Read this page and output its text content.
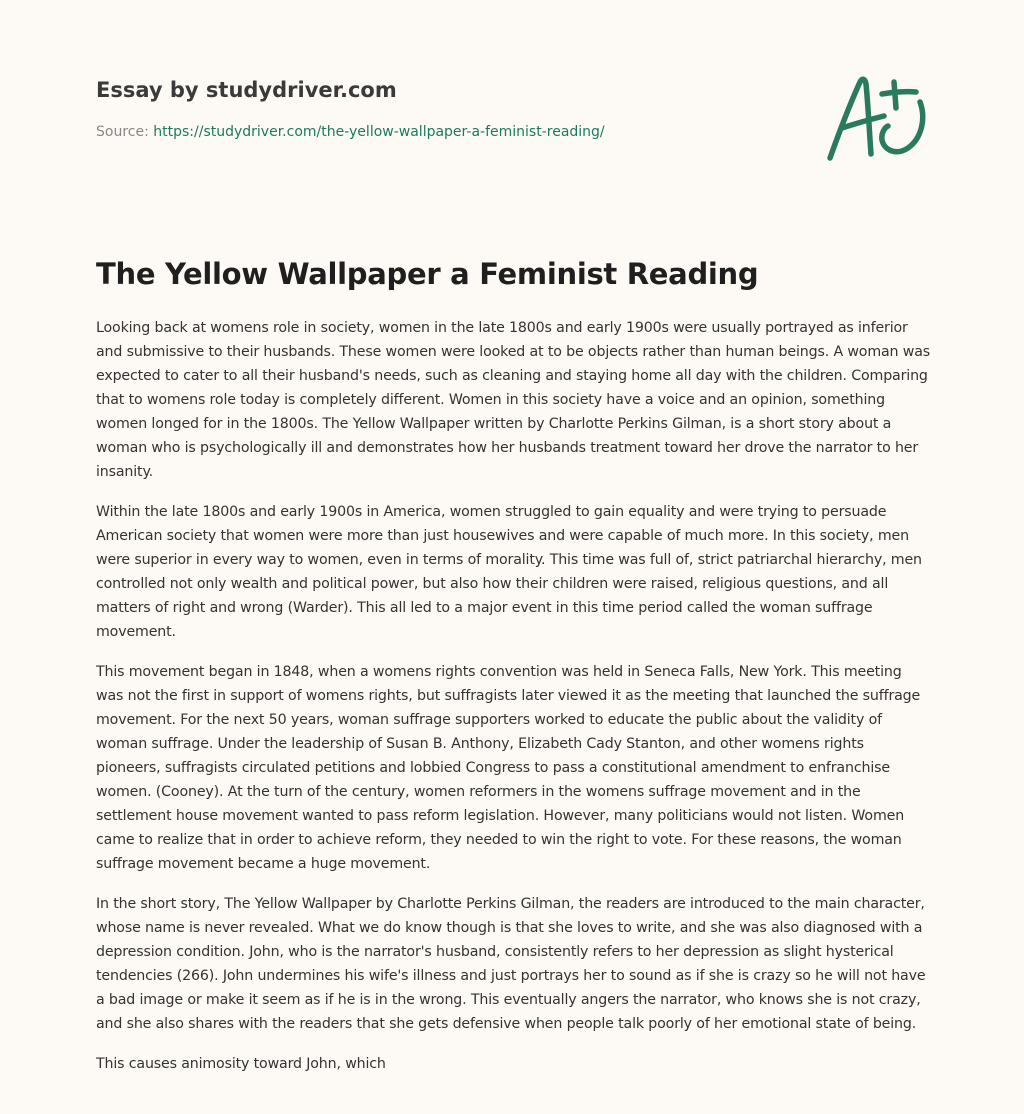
Essay by studydriver.com
Source: https://studydriver.com/the-yellow-wallpaper-a-feminist-reading/
The Yellow Wallpaper a Feminist Reading

Looking back at womens role in society, women in the late 1800s and early 1900s were usually portrayed as inferior and submissive to their husbands. These women were looked at to be objects rather than human beings. A woman was expected to cater to all their husband's needs, such as cleaning and staying home all day with the children. Comparing that to womens role today is completely different. Women in this society have a voice and an opinion, something women longed for in the 1800s. The Yellow Wallpaper written by Charlotte Perkins Gilman, is a short story about a woman who is psychologically ill and demonstrates how her husbands treatment toward her drove the narrator to her insanity.

Within the late 1800s and early 1900s in America, women struggled to gain equality and were trying to persuade American society that women were more than just housewives and were capable of much more. In this society, men were superior in every way to women, even in terms of morality. This time was full of, strict patriarchal hierarchy, men controlled not only wealth and political power, but also how their children were raised, religious questions, and all matters of right and wrong (Warder). This all led to a major event in this time period called the woman suffrage movement.

This movement began in 1848, when a womens rights convention was held in Seneca Falls, New York. This meeting was not the first in support of womens rights, but suffragists later viewed it as the meeting that launched the suffrage movement. For the next 50 years, woman suffrage supporters worked to educate the public about the validity of woman suffrage. Under the leadership of Susan B. Anthony, Elizabeth Cady Stanton, and other womens rights pioneers, suffragists circulated petitions and lobbied Congress to pass a constitutional amendment to enfranchise women. (Cooney). At the turn of the century, women reformers in the womens suffrage movement and in the settlement house movement wanted to pass reform legislation. However, many politicians would not listen. Women came to realize that in order to achieve reform, they needed to win the right to vote. For these reasons, the woman suffrage movement became a huge movement.

In the short story, The Yellow Wallpaper by Charlotte Perkins Gilman, the readers are introduced to the main character, whose name is never revealed. What we do know though is that she loves to write, and she was also diagnosed with a depression condition. John, who is the narrator's husband, consistently refers to her depression as slight hysterical tendencies (266). John undermines his wife's illness and just portrays her to sound as if she is crazy so he will not have a bad image or make it seem as if he is in the wrong. This eventually angers the narrator, who knows she is not crazy, and she also shares with the readers that she gets defensive when people talk poorly of her emotional state of being.

This causes animosity toward John, which
